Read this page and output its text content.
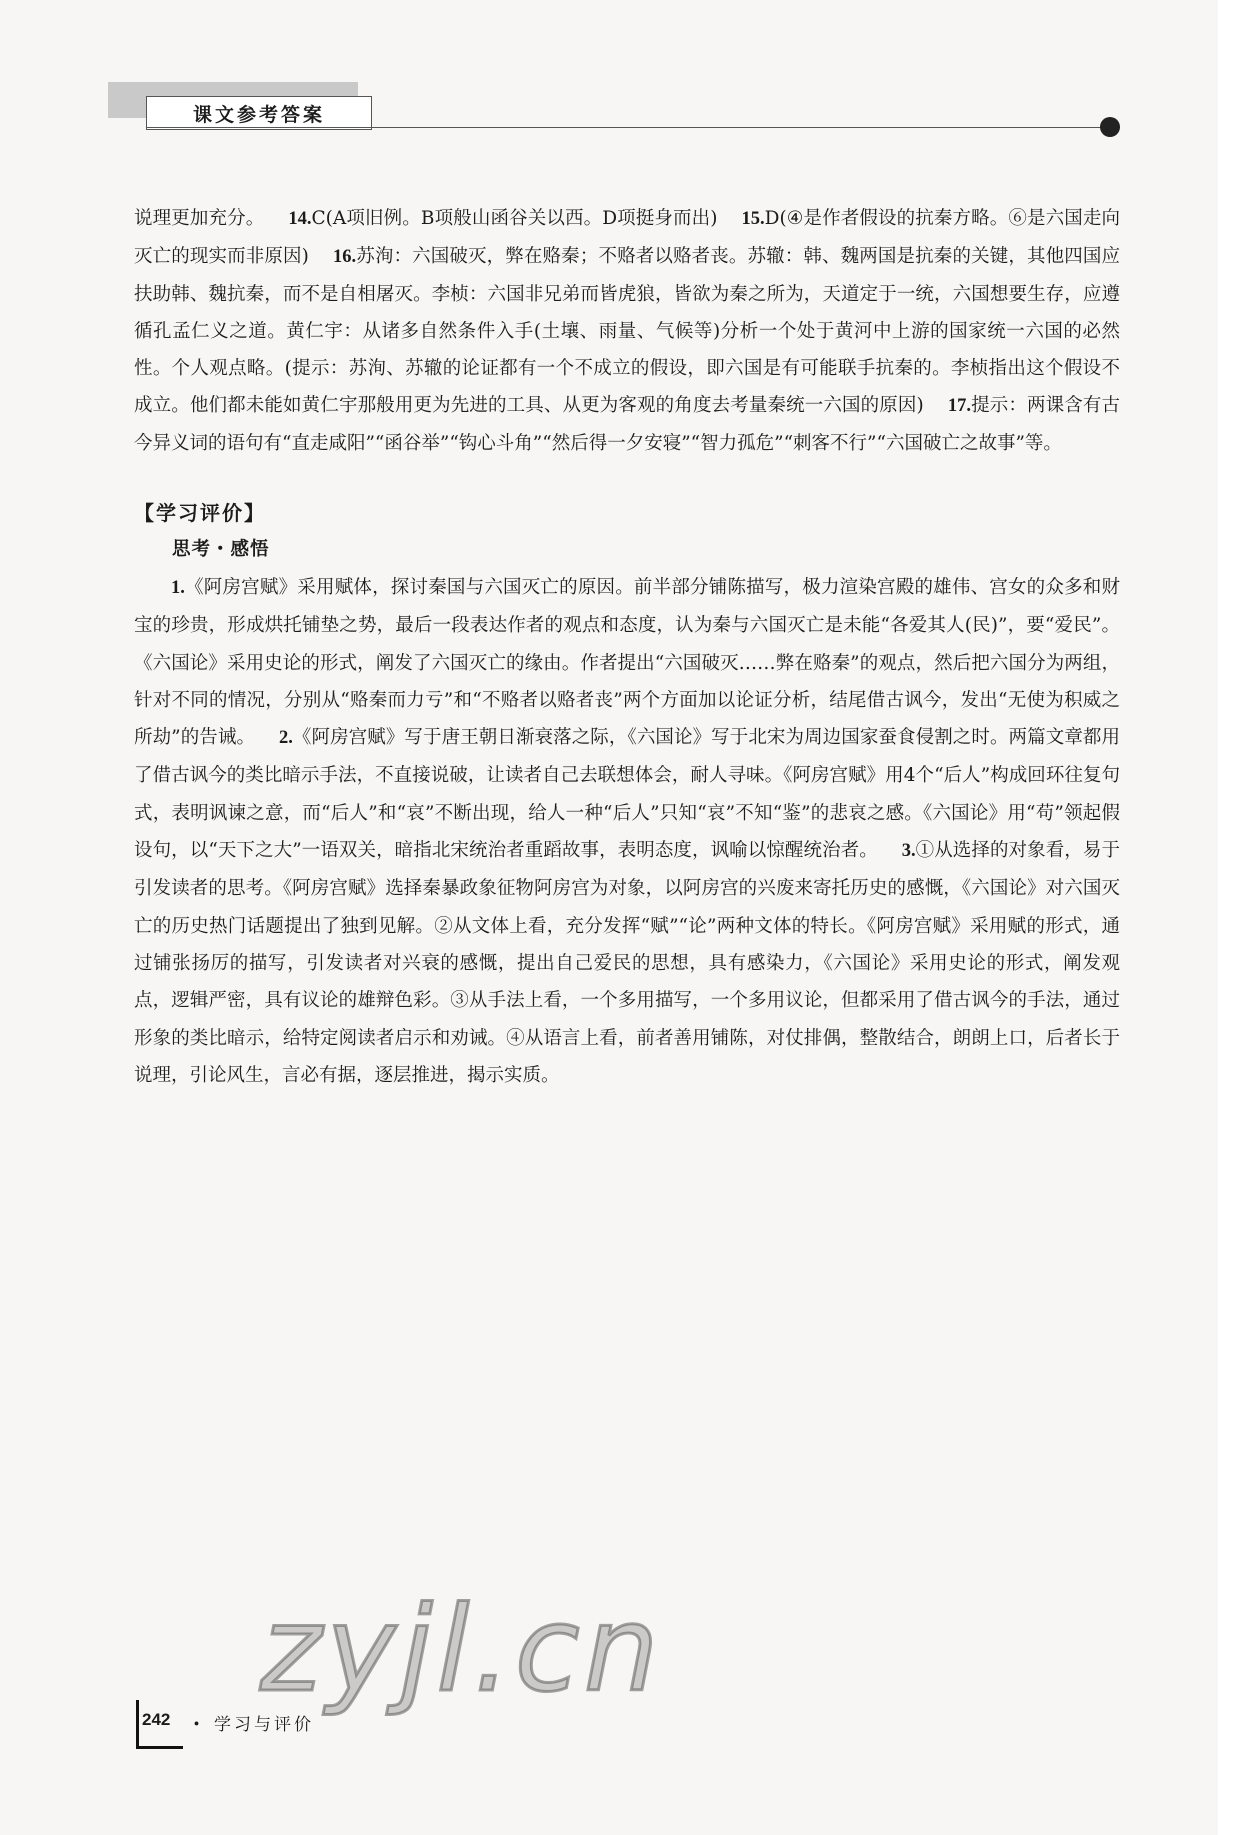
课文参考答案

说理更加充分。 14.C(A项旧例。B项般山函谷关以西。D项挺身而出) 15.D(④是作者假设的抗秦方略。⑥是六国走向灭亡的现实而非原因) 16.苏洵：六国破灭，弊在赂秦；不赂者以赂者丧。苏辙：韩、魏两国是抗秦的关键，其他四国应扶助韩、魏抗秦，而不是自相屠灭。李桢：六国非兄弟而皆虎狼，皆欲为秦之所为，天道定于一统，六国想要生存，应遵循孔孟仁义之道。黄仁宇：从诸多自然条件入手(土壤、雨量、气候等)分析一个处于黄河中上游的国家统一六国的必然性。个人观点略。(提示：苏洵、苏辙的论证都有一个不成立的假设，即六国是有可能联手抗秦的。李桢指出这个假设不成立。他们都未能如黄仁宇那般用更为先进的工具、从更为客观的角度去考量秦统一六国的原因) 17.提示：两课含有古今异义词的语句有“直走咸阳”“函谷举”“钩心斗角”“然后得一夕安寝”“智力孤危”“刺客不行”“六国破亡之故事”等。

【学习评价】
思考・感悟

1.《阿房宫赋》采用赋体，探讨秦国与六国灭亡的原因。前半部分铺陈描写，极力渲染宫殿的雄伟、宫女的众多和财宝的珍贵，形成烘托铺垫之势，最后一段表达作者的观点和态度，认为秦与六国灭亡是未能“各爱其人(民)”，要“爱民”。《六国论》采用史论的形式，阐发了六国灭亡的缘由。作者提出“六国破灭……弊在赂秦”的观点，然后把六国分为两组，针对不同的情况，分别从“赂秦而力亏”和“不赂者以赂者丧”两个方面加以论证分析，结尾借古讽今，发出“无使为积威之所劫”的告诫。 2.《阿房宫赋》写于唐王朝日渐衰落之际，《六国论》写于北宋为周边国家蚕食侵割之时。两篇文章都用了借古讽今的类比暗示手法，不直接说破，让读者自己去联想体会，耐人寻味。《阿房宫赋》用4个“后人”构成回环往复句式，表明讽谏之意，而“后人”和“哀”不断出现，给人一种“后人”只知“哀”不知“鉴”的悲哀之感。《六国论》用“苟”领起假设句，以“天下之大”一语双关，暗指北宋统治者重蹈故事，表明态度，讽喻以惊醒统治者。 3.①从选择的对象看，易于引发读者的思考。《阿房宫赋》选择秦暴政象征物阿房宫为对象，以阿房宫的兴废来寄托历史的感慨，《六国论》对六国灭亡的历史热门话题提出了独到见解。②从文体上看，充分发挥“赋”“论”两种文体的特长。《阿房宫赋》采用赋的形式，通过铺张扬厉的描写，引发读者对兴衰的感慨，提出自己爱民的思想，具有感染力，《六国论》采用史论的形式，阐发观点，逻辑严密，具有议论的雄辩色彩。③从手法上看，一个多用描写，一个多用议论，但都采用了借古讽今的手法，通过形象的类比暗示，给特定阅读者启示和劝诫。④从语言上看，前者善用铺陈，对仗排偶，整散结合，朗朗上口，后者长于说理，引论风生，言必有据，逐层推进，揭示实质。

zyjl.cn
242 ・ 学习与评价
